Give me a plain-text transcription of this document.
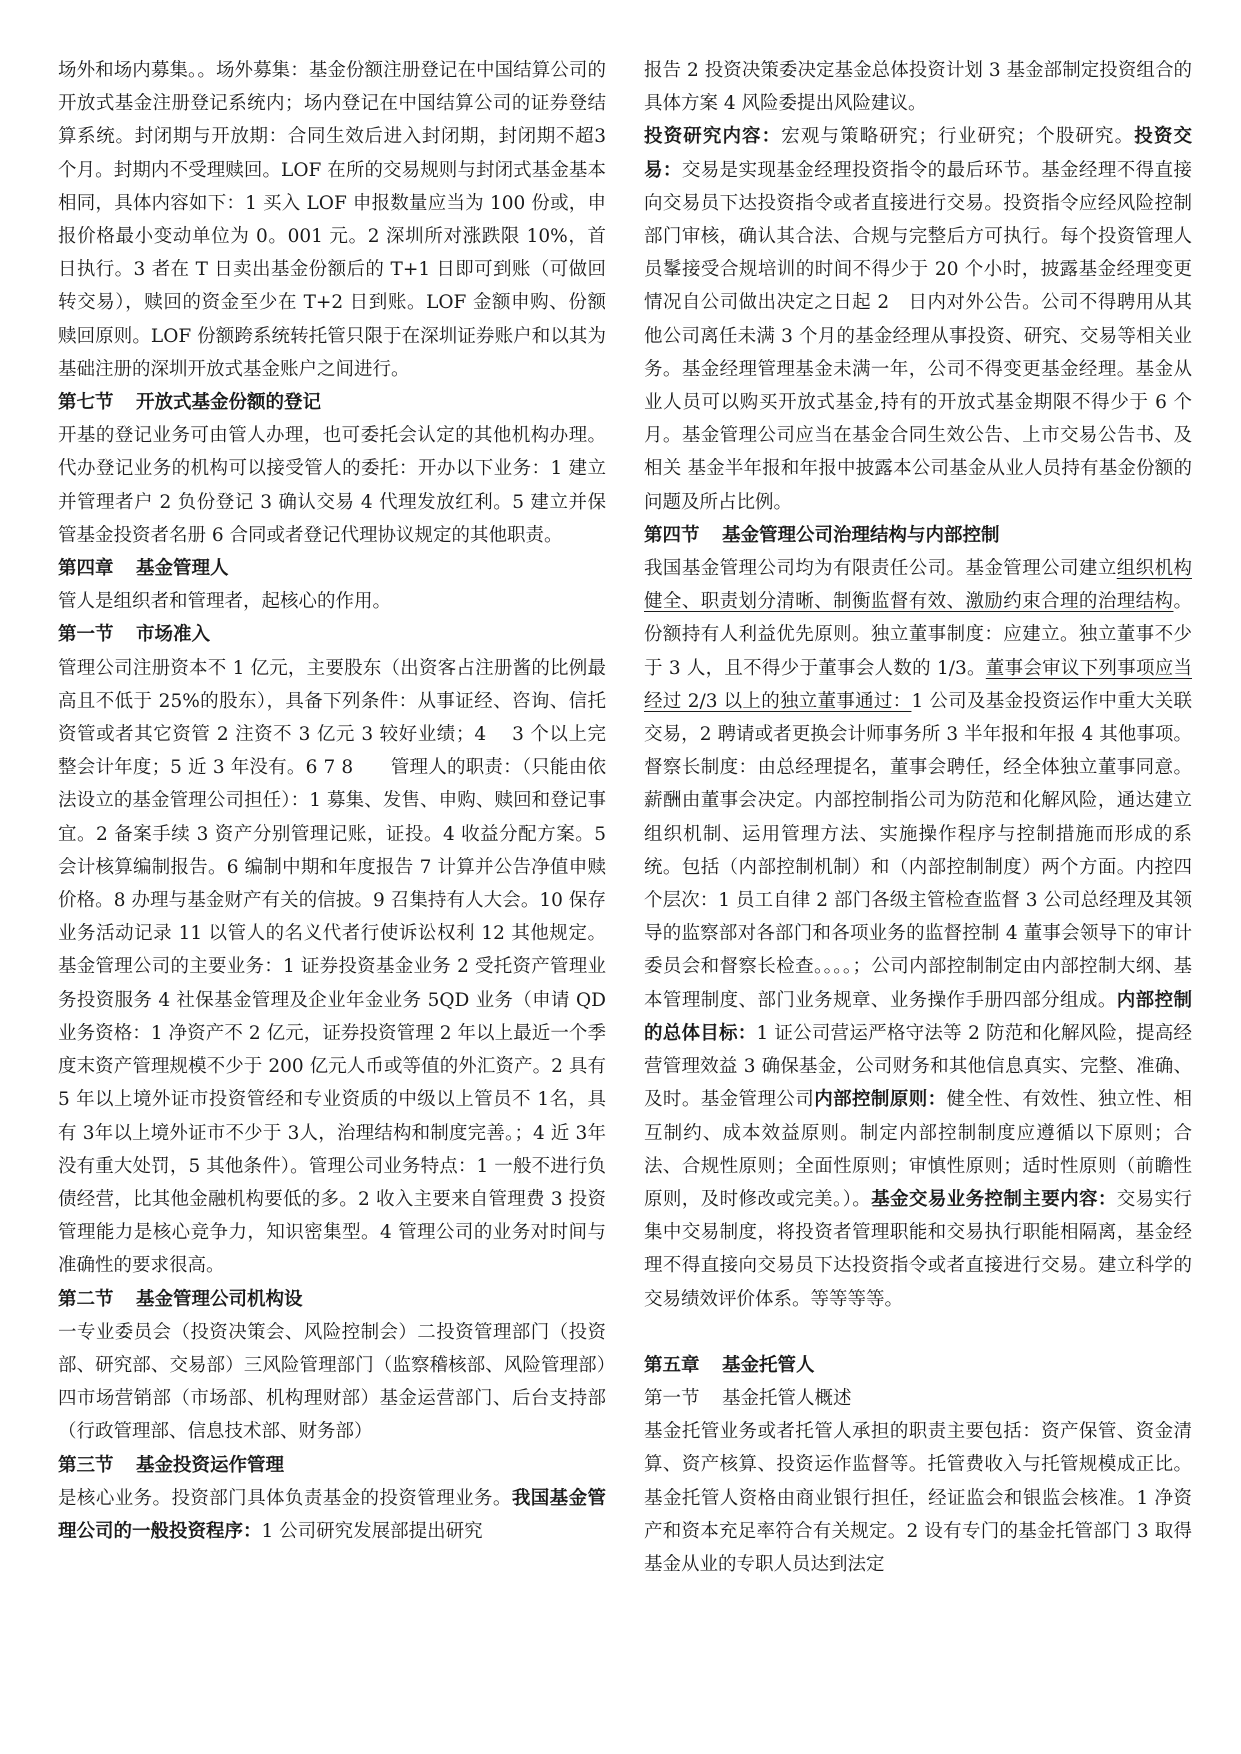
场外和场内募集。。场外募集：基金份额注册登记在中国结算公司的开放式基金注册登记系统内；场内登记在中国结算公司的证券登结算系统。封闭期与开放期：合同生效后进入封闭期，封闭期不超3 个月。封期内不受理赎回。LOF 在所的交易规则与封闭式基金基本相同，具体内容如下：1 买入 LOF 申报数量应当为 100 份或，申报价格最小变动单位为 0。001 元。2 深圳所对涨跌限 10%，首日执行。3 者在 T 日卖出基金份额后的 T+1 日即可到账（可做回转交易），赎回的资金至少在 T+2 日到账。LOF 金额申购、份额赎回原则。LOF 份额跨系统转托管只限于在深圳证券账户和以其为基础注册的深圳开放式基金账户之间进行。

第七节 开放式基金份额的登记

开基的登记业务可由管人办理，也可委托会认定的其他机构办理。代办登记业务的机构可以接受管人的委托：开办以下业务：1 建立并管理者户 2 负份登记 3 确认交易 4 代理发放红利。5 建立并保管基金投资者名册 6 合同或者登记代理协议规定的其他职责。

第四章 基金管理人

管人是组织者和管理者，起核心的作用。

第一节 市场准入

管理公司注册资本不 1 亿元，主要股东（出资客占注册酱的比例最高且不低于 25%的股东），具备下列条件：从事证经、咨询、信托资管或者其它资管 2 注资不 3 亿元 3 较好业绩；4　 3 个以上完整会计年度；5 近 3 年没有。6 7 8　　管理人的职责：（只能由依法设立的基金管理公司担任）：1 募集、发售、申购、赎回和登记事宜。2 备案手续 3 资产分别管理记账，证投。4 收益分配方案。5 会计核算编制报告。6 编制中期和年度报告 7 计算并公告净值申赎价格。8 办理与基金财产有关的信披。9 召集持有人大会。10 保存业务活动记录 11 以管人的名义代者行使诉讼权利 12 其他规定。基金管理公司的主要业务：1 证券投资基金业务 2 受托资产管理业务投资服务 4 社保基金管理及企业年金业务 5QD 业务（申请 QD 业务资格：1 净资产不 2 亿元，证券投资管理 2 年以上最近一个季度末资产管理规模不少于 200 亿元人币或等值的外汇资产。2 具有 5 年以上境外证市投资管经和专业资质的中级以上管员不 1名，具有 3年以上境外证市不少于 3人，治理结构和制度完善。；4 近 3年没有重大处罚，5 其他条件）。管理公司业务特点：1 一般不进行负债经营，比其他金融机构要低的多。2 收入主要来自管理费 3 投资管理能力是核心竞争力，知识密集型。4 管理公司的业务对时间与准确性的要求很高。

第二节 基金管理公司机构设

一专业委员会（投资决策会、风险控制会）二投资管理部门（投资部、研究部、交易部）三风险管理部门（监察稽核部、风险管理部）四市场营销部（市场部、机构理财部）基金运营部门、后台支持部（行政管理部、信息技术部、财务部）

第三节 基金投资运作管理

是核心业务。投资部门具体负责基金的投资管理业务。我国基金管理公司的一般投资程序：1 公司研究发展部提出研究

报告 2 投资决策委决定基金总体投资计划 3 基金部制定投资组合的具体方案 4 风险委提出风险建议。

投资研究内容：宏观与策略研究；行业研究；个股研究。投资交易：交易是实现基金经理投资指令的最后环节。基金经理不得直接向交易员下达投资指令或者直接进行交易。投资指令应经风险控制部门审核，确认其合法、合规与完整后方可执行。每个投资管理人员髼接受合规培训的时间不得少于 20 个小时，披露基金经理变更情况自公司做出决定之日起 2　日内对外公告。公司不得聘用从其他公司离任未满 3 个月的基金经理从事投资、研究、交易等相关业务。基金经理管理基金未满一年，公司不得变更基金经理。基金从业人员可以购买开放式基金,持有的开放式基金期限不得少于 6 个月。基金管理公司应当在基金合同生效公告、上市交易公告书、及相关 基金半年报和年报中披露本公司基金从业人员持有基金份额的问题及所占比例。

第四节 基金管理公司治理结构与内部控制

我国基金管理公司均为有限责任公司。基金管理公司建立组织机构健全、职责划分清晰、制衡监督有效、激励约束合理的治理结构。份额持有人利益优先原则。独立董事制度：应建立。独立董事不少于 3 人，且不得少于董事会人数的 1/3。董事会审议下列事项应当经过 2/3 以上的独立董事通过：1 公司及基金投资运作中重大关联交易，2 聘请或者更换会计师事务所 3 半年报和年报 4 其他事项。督察长制度：由总经理提名，董事会聘任，经全体独立董事同意。薪酬由董事会决定。内部控制指公司为防范和化解风险，通达建立组织机制、运用管理方法、实施操作程序与控制措施而形成的系统。包括（内部控制机制）和（内部控制制度）两个方面。内控四个层次：1 员工自律 2 部门各级主管检查监督 3 公司总经理及其领导的监察部对各部门和各项业务的监督控制 4 董事会领导下的审计委员会和督察长检查。。。。；公司内部控制制定由内部控制大纲、基本管理制度、部门业务规章、业务操作手册四部分组成。内部控制的总体目标：1 证公司营运严格守法等 2 防范和化解风险，提高经营管理效益 3 确保基金，公司财务和其他信息真实、完整、准确、及时。基金管理公司内部控制原则：健全性、有效性、独立性、相互制约、成本效益原则。制定内部控制制度应遵循以下原则；合法、合规性原则；全面性原则；审慎性原则；适时性原则（前瞻性原则，及时修改或完美。）。基金交易业务控制主要内容：交易实行集中交易制度，将投资者管理职能和交易执行职能相隔离，基金经理不得直接向交易员下达投资指令或者直接进行交易。建立科学的交易绩效评价体系。等等等等。

第五章 基金托管人
第一节 基金托管人概述

基金托管业务或者托管人承担的职责主要包括：资产保管、资金清算、资产核算、投资运作监督等。托管费收入与托管规模成正比。基金托管人资格由商业银行担任，经证监会和银监会核准。1 净资产和资本充足率符合有关规定。2 设有专门的基金托管部门 3 取得基金从业的专职人员达到法定
